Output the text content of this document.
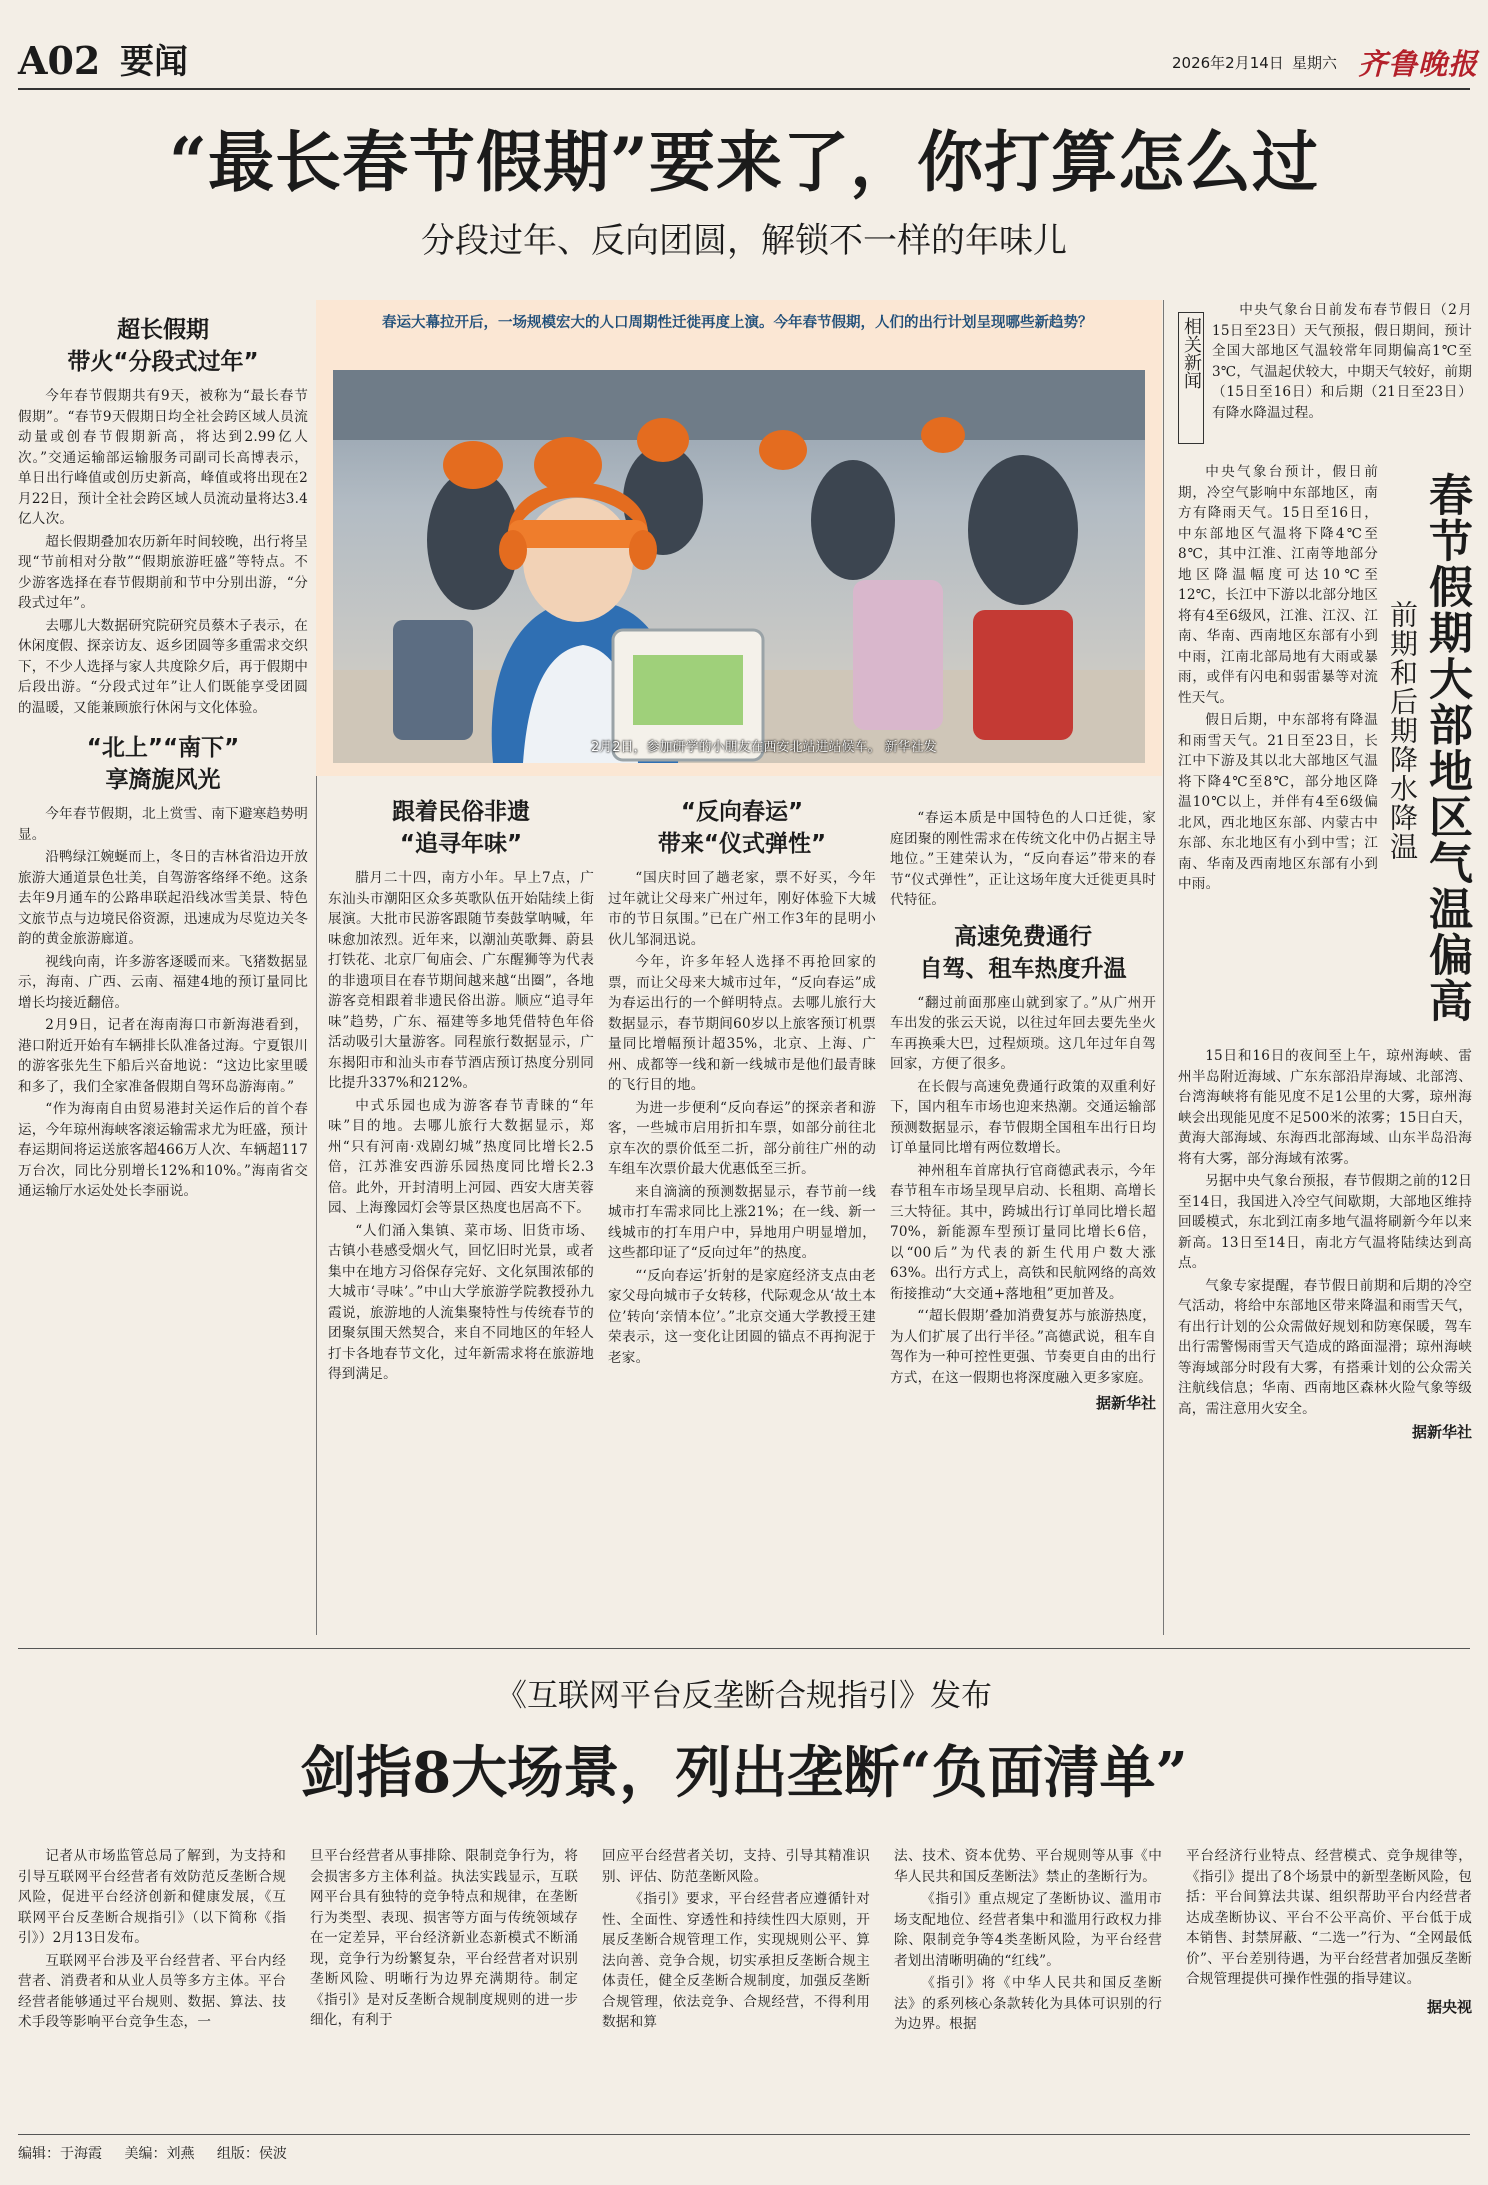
A02 要闻	2026年2月14日 星期六 齐鲁晚报
“最长春节假期”要来了，你打算怎么过
分段过年、反向团圆，解锁不一样的年味儿
超长假期
带火“分段式过年”

今年春节假期共有9天，被称为“最长春节假期”。“春节9天假期日均全社会跨区域人员流动量或创春节假期新高，将达到2.99亿人次。”交通运输部运输服务司副司长高博表示，单日出行峰值或创历史新高，峰值或将出现在2月22日，预计全社会跨区域人员流动量将达3.4亿人次。

超长假期叠加农历新年时间较晚，出行将呈现“节前相对分散”“假期旅游旺盛”等特点。不少游客选择在春节假期前和节中分别出游，“分段式过年”。

去哪儿大数据研究院研究员蔡木子表示，在休闲度假、探亲访友、返乡团圆等多重需求交织下，不少人选择与家人共度除夕后，再于假期中后段出游。“分段式过年”让人们既能享受团圆的温暖，又能兼顾旅行休闲与文化体验。

“北上”“南下”
享旖旎风光

今年春节假期，北上赏雪、南下避寒趋势明显。

沿鸭绿江婉蜒而上，冬日的吉林省沿边开放旅游大通道景色壮美，自驾游客络绎不绝。这条去年9月通车的公路串联起沿线冰雪美景、特色文旅节点与边境民俗资源，迅速成为尽览边关冬韵的黄金旅游廊道。

视线向南，许多游客逐暖而来。飞猪数据显示，海南、广西、云南、福建4地的预订量同比增长均接近翻倍。

2月9日，记者在海南海口市新海港看到，港口附近开始有车辆排长队准备过海。宁夏银川的游客张先生下船后兴奋地说：“这边比家里暖和多了，我们全家准备假期自驾环岛游海南。”

“作为海南自由贸易港封关运作后的首个春运，今年琼州海峡客滚运输需求尤为旺盛，预计春运期间将运送旅客超466万人次、车辆超117万台次，同比分别增长12%和10%。”海南省交通运输厅水运处处长李丽说。

春运大幕拉开后，一场规模宏大的人口周期性迁徙再度上演。今年春节假期，人们的出行计划呈现哪些新趋势？
2月2日，参加研学的小朋友在西安北站进站候车。 新华社发
跟着民俗非遗
“追寻年味”

腊月二十四，南方小年。早上7点，广东汕头市潮阳区众多英歌队伍开始陆续上街展演。大批市民游客跟随节奏鼓掌呐喊，年味愈加浓烈。近年来，以潮汕英歌舞、蔚县打铁花、北京厂甸庙会、广东醒狮等为代表的非遗项目在春节期间越来越“出圈”，各地游客竞相跟着非遗民俗出游。顺应“追寻年味”趋势，广东、福建等多地凭借特色年俗活动吸引大量游客。同程旅行数据显示，广东揭阳市和汕头市春节酒店预订热度分别同比提升337%和212%。

中式乐园也成为游客春节青睐的“年味”目的地。去哪儿旅行大数据显示，郑州“只有河南·戏剧幻城”热度同比增长2.5倍，江苏淮安西游乐园热度同比增长2.3倍。此外，开封清明上河园、西安大唐芙蓉园、上海豫园灯会等景区热度也居高不下。

“人们涌入集镇、菜市场、旧货市场、古镇小巷感受烟火气，回忆旧时光景，或者集中在地方习俗保存完好、文化氛围浓郁的大城市‘寻味’。”中山大学旅游学院教授孙九霞说，旅游地的人流集聚特性与传统春节的团聚氛围天然契合，来自不同地区的年轻人打卡各地春节文化，过年新需求将在旅游地得到满足。

“反向春运”
带来“仪式弹性”

“国庆时回了趟老家，票不好买，今年过年就让父母来广州过年，刚好体验下大城市的节日氛围。”已在广州工作3年的昆明小伙儿邹洞迅说。

今年，许多年轻人选择不再抢回家的票，而让父母来大城市过年，“反向春运”成为春运出行的一个鲜明特点。去哪儿旅行大数据显示，春节期间60岁以上旅客预订机票量同比增幅预计超35%，北京、上海、广州、成都等一线和新一线城市是他们最青睐的飞行目的地。

为进一步便利“反向春运”的探亲者和游客，一些城市启用折扣车票，如部分前往北京车次的票价低至二折，部分前往广州的动车组车次票价最大优惠低至三折。

来自滴滴的预测数据显示，春节前一线城市打车需求同比上涨21%；在一线、新一线城市的打车用户中，异地用户明显增加，这些都印证了“反向过年”的热度。

“‘反向春运’折射的是家庭经济支点由老家父母向城市子女转移，代际观念从‘故土本位’转向‘亲情本位’。”北京交通大学教授王建荣表示，这一变化让团圆的锚点不再拘泥于老家。

“春运本质是中国特色的人口迁徙，家庭团聚的刚性需求在传统文化中仍占据主导地位。”王建荣认为，“反向春运”带来的春节“仪式弹性”，正让这场年度大迁徙更具时代特征。

高速免费通行
自驾、租车热度升温

“翻过前面那座山就到家了。”从广州开车出发的张云天说，以往过年回去要先坐火车再换乘大巴，过程烦琐。这几年过年自驾回家，方便了很多。

在长假与高速免费通行政策的双重利好下，国内租车市场也迎来热潮。交通运输部预测数据显示，春节假期全国租车出行日均订单量同比增有两位数增长。

神州租车首席执行官商德武表示，今年春节租车市场呈现早启动、长租期、高增长三大特征。其中，跨城出行订单同比增长超70%，新能源车型预订量同比增长6倍，以“00后”为代表的新生代用户数大涨63%。出行方式上，高铁和民航网络的高效衔接推动“大交通+落地租”更加普及。

“‘超长假期’叠加消费复苏与旅游热度，为人们扩展了出行半径。”高德武说，租车自驾作为一种可控性更强、节奏更自由的出行方式，在这一假期也将深度融入更多家庭。

据新华社
相关新闻

中央气象台日前发布春节假日（2月15日至23日）天气预报，假日期间，预计全国大部地区气温较常年同期偏高1℃至3℃，气温起伏较大，中期天气较好，前期（15日至16日）和后期（21日至23日）有降水降温过程。

中央气象台预计，假日前期，冷空气影响中东部地区，南方有降雨天气。15日至16日，中东部地区气温将下降4℃至8℃，其中江淮、江南等地部分地区降温幅度可达10℃至12℃，长江中下游以北部分地区将有4至6级风，江淮、江汉、江南、华南、西南地区东部有小到中雨，江南北部局地有大雨或暴雨，或伴有闪电和弱雷暴等对流性天气。

假日后期，中东部将有降温和雨雪天气。21日至23日，长江中下游及其以北大部地区气温将下降4℃至8℃，部分地区降温10℃以上，并伴有4至6级偏北风，西北地区东部、内蒙古中东部、东北地区有小到中雪；江南、华南及西南地区东部有小到中雨。	春节假期大部地区气温偏高
前期和后期降水降温

15日和16日的夜间至上午，琼州海峡、雷州半岛附近海域、广东东部沿岸海域、北部湾、台湾海峡将有能见度不足1公里的大雾，琼州海峡会出现能见度不足500米的浓雾；15日白天，黄海大部海域、东海西北部海域、山东半岛沿海将有大雾，部分海域有浓雾。

另据中央气象台预报，春节假期之前的12日至14日，我国进入冷空气间歇期，大部地区维持回暖模式，东北到江南多地气温将刷新今年以来新高。13日至14日，南北方气温将陆续达到高点。

气象专家提醒，春节假日前期和后期的冷空气活动，将给中东部地区带来降温和雨雪天气，有出行计划的公众需做好规划和防寒保暖，驾车出行需警惕雨雪天气造成的路面湿滑；琼州海峡等海域部分时段有大雾，有搭乘计划的公众需关注航线信息；华南、西南地区森林火险气象等级高，需注意用火安全。

据新华社
《互联网平台反垄断合规指引》发布
剑指8大场景，列出垄断“负面清单”

记者从市场监管总局了解到，为支持和引导互联网平台经营者有效防范反垄断合规风险，促进平台经济创新和健康发展，《互联网平台反垄断合规指引》（以下简称《指引》）2月13日发布。

互联网平台涉及平台经营者、平台内经营者、消费者和从业人员等多方主体。平台经营者能够通过平台规则、数据、算法、技术手段等影响平台竞争生态，一

旦平台经营者从事排除、限制竞争行为，将会损害多方主体利益。执法实践显示，互联网平台具有独特的竞争特点和规律，在垄断行为类型、表现、损害等方面与传统领域存在一定差异，平台经济新业态新模式不断涌现，竞争行为纷繁复杂，平台经营者对识别垄断风险、明晰行为边界充满期待。制定《指引》是对反垄断合规制度规则的进一步细化，有利于

回应平台经营者关切，支持、引导其精准识别、评估、防范垄断风险。

《指引》要求，平台经营者应遵循针对性、全面性、穿透性和持续性四大原则，开展反垄断合规管理工作，实现规则公平、算法向善、竞争合规，切实承担反垄断合规主体责任，健全反垄断合规制度，加强反垄断合规管理，依法竞争、合规经营，不得利用数据和算

法、技术、资本优势、平台规则等从事《中华人民共和国反垄断法》禁止的垄断行为。

《指引》重点规定了垄断协议、滥用市场支配地位、经营者集中和滥用行政权力排除、限制竞争等4类垄断风险，为平台经营者划出清晰明确的“红线”。

《指引》将《中华人民共和国反垄断法》的系列核心条款转化为具体可识别的行为边界。根据

平台经济行业特点、经营模式、竞争规律等，《指引》提出了8个场景中的新型垄断风险，包括：平台间算法共谋、组织帮助平台内经营者达成垄断协议、平台不公平高价、平台低于成本销售、封禁屏蔽、“二选一”行为、“全网最低价”、平台差别待遇，为平台经营者加强反垄断合规管理提供可操作性强的指导建议。

据央视
编辑：于海霞 美编：刘燕 组版：侯波
